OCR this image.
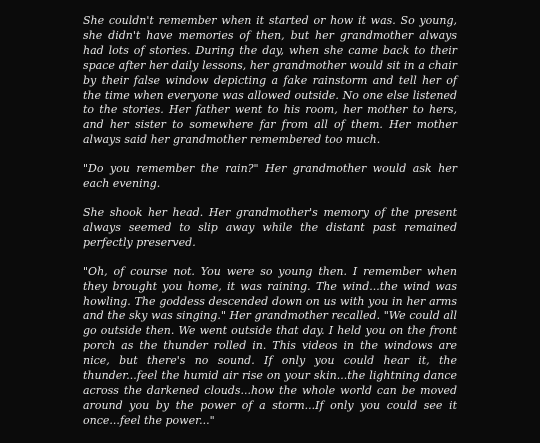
She couldn't remember when it started or how it was. So young, she didn't have memories of then, but her grandmother always had lots of stories. During the day, when she came back to their space after her daily lessons, her grandmother would sit in a chair by their false window depicting a fake rainstorm and tell her of the time when everyone was allowed outside. No one else listened to the stories. Her father went to his room, her mother to hers, and her sister to somewhere far from all of them. Her mother always said her grandmother remembered too much.

"Do you remember the rain?" Her grandmother would ask her each evening.

She shook her head. Her grandmother's memory of the present always seemed to slip away while the distant past remained perfectly preserved.

"Oh, of course not. You were so young then. I remember when they brought you home, it was raining. The wind...the wind was howling. The goddess descended down on us with you in her arms and the sky was singing." Her grandmother recalled. "We could all go outside then. We went outside that day. I held you on the front porch as the thunder rolled in. This videos in the windows are nice, but there's no sound. If only you could hear it, the thunder...feel the humid air rise on your skin...the lightning dance across the darkened clouds...how the whole world can be moved around you by the power of a storm...If only you could see it once...feel the power..."
